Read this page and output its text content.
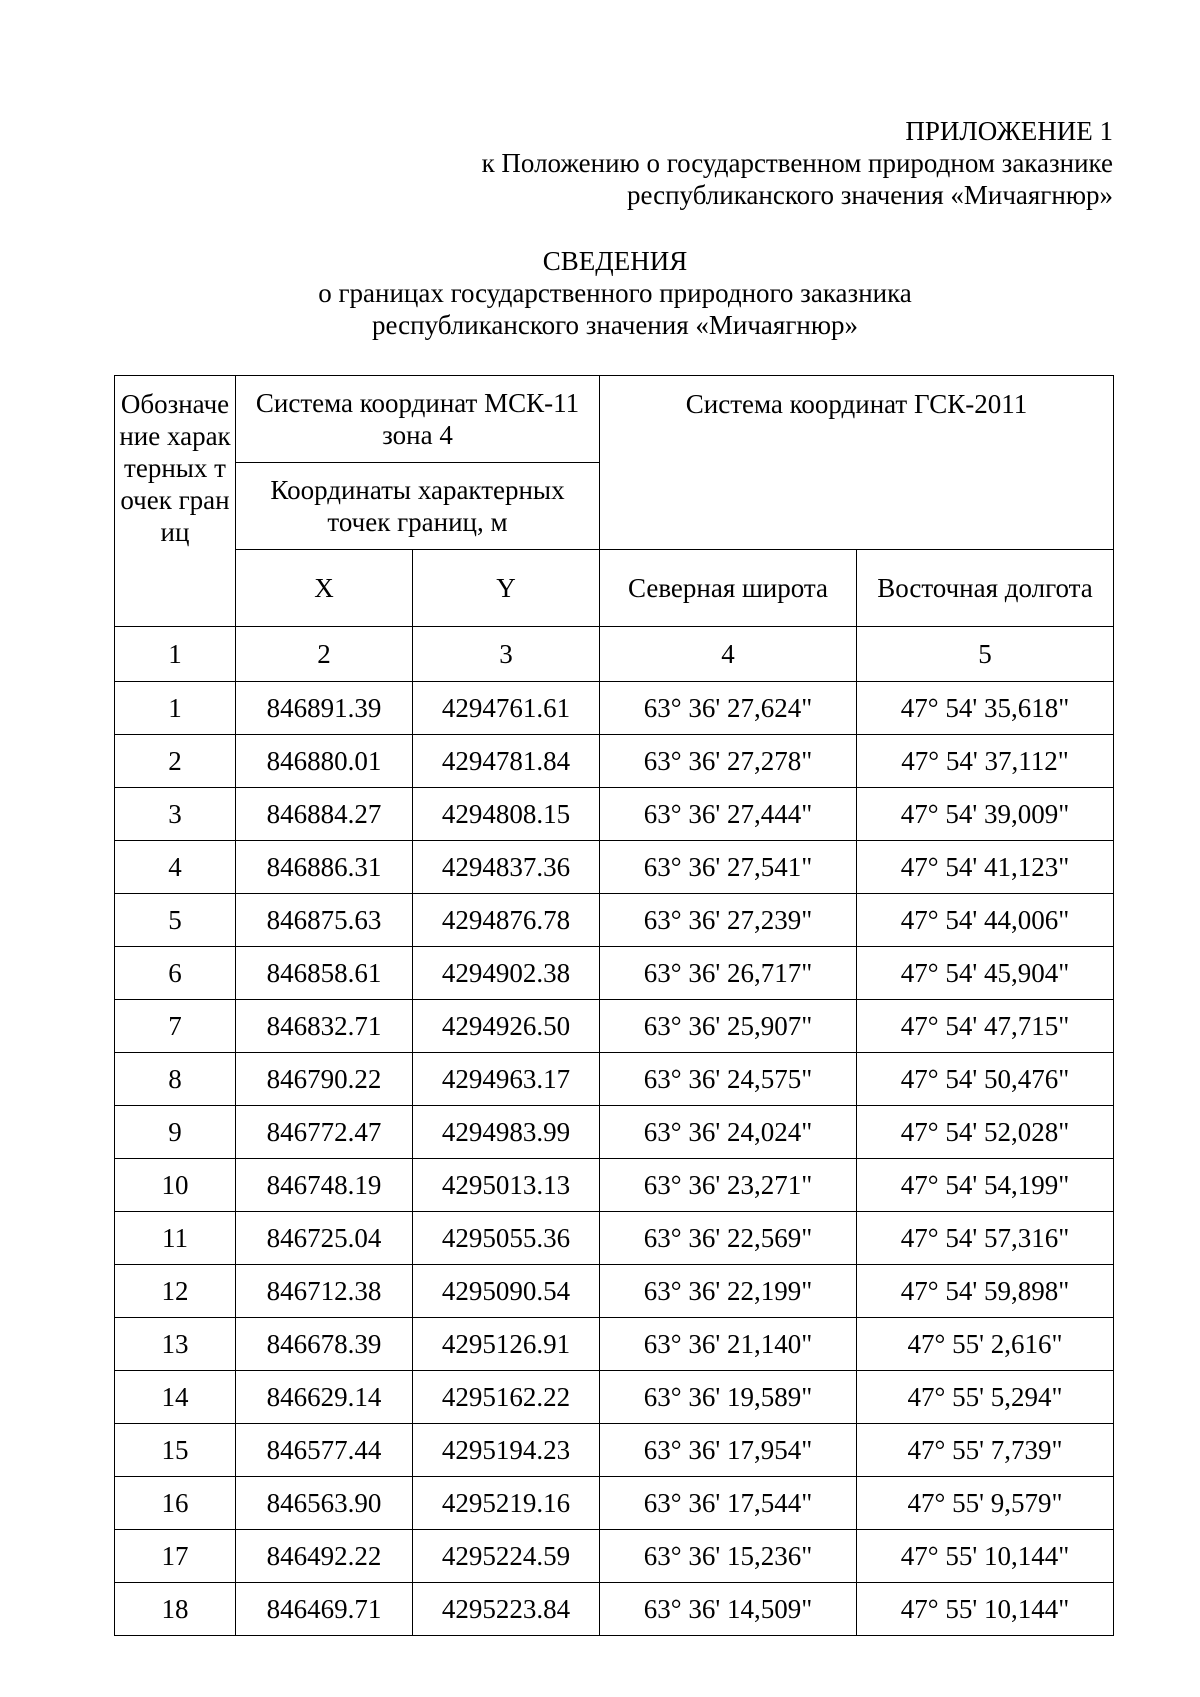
ПРИЛОЖЕНИЕ 1
к Положению о государственном природном заказнике
республиканского значения «Мичаягнюр»
СВЕДЕНИЯ
о границах государственного природного заказника
республиканского значения «Мичаягнюр»
Обозначение характерных точек границ	Система координат МСК-11 зона 4		Система координат ГСК-2011	
	Координаты характерных точек границ, м			
	X	Y	Северная широта	Восточная долгота
1	2	3	4	5
1	846891.39	4294761.61	63° 36' 27,624"	47° 54' 35,618"
2	846880.01	4294781.84	63° 36' 27,278"	47° 54' 37,112"
3	846884.27	4294808.15	63° 36' 27,444"	47° 54' 39,009"
4	846886.31	4294837.36	63° 36' 27,541"	47° 54' 41,123"
5	846875.63	4294876.78	63° 36' 27,239"	47° 54' 44,006"
6	846858.61	4294902.38	63° 36' 26,717"	47° 54' 45,904"
7	846832.71	4294926.50	63° 36' 25,907"	47° 54' 47,715"
8	846790.22	4294963.17	63° 36' 24,575"	47° 54' 50,476"
9	846772.47	4294983.99	63° 36' 24,024"	47° 54' 52,028"
10	846748.19	4295013.13	63° 36' 23,271"	47° 54' 54,199"
11	846725.04	4295055.36	63° 36' 22,569"	47° 54' 57,316"
12	846712.38	4295090.54	63° 36' 22,199"	47° 54' 59,898"
13	846678.39	4295126.91	63° 36' 21,140"	47° 55' 2,616"
14	846629.14	4295162.22	63° 36' 19,589"	47° 55' 5,294"
15	846577.44	4295194.23	63° 36' 17,954"	47° 55' 7,739"
16	846563.90	4295219.16	63° 36' 17,544"	47° 55' 9,579"
17	846492.22	4295224.59	63° 36' 15,236"	47° 55' 10,144"
18	846469.71	4295223.84	63° 36' 14,509"	47° 55' 10,144"
